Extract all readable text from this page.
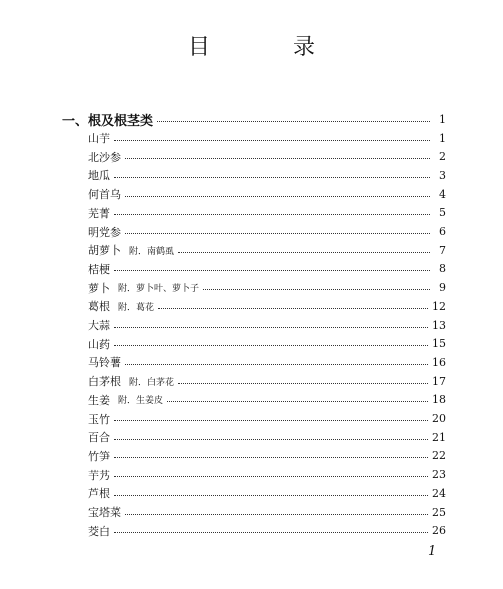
目 录
一、根及根茎类	1
山芋	1
北沙参	2
地瓜	3
何首乌	4
芜菁	5
明党参	6
胡萝卜 附．南鹤虱	7
桔梗	8
萝卜 附．萝卜叶、萝卜子	9
葛根 附．葛花	12
大蒜	13
山药	15
马铃薯	16
白茅根 附．白茅花	17
生姜 附．生姜皮	18
玉竹	20
百合	21
竹笋	22
芋艿	23
芦根	24
宝塔菜	25
茭白	26
1
